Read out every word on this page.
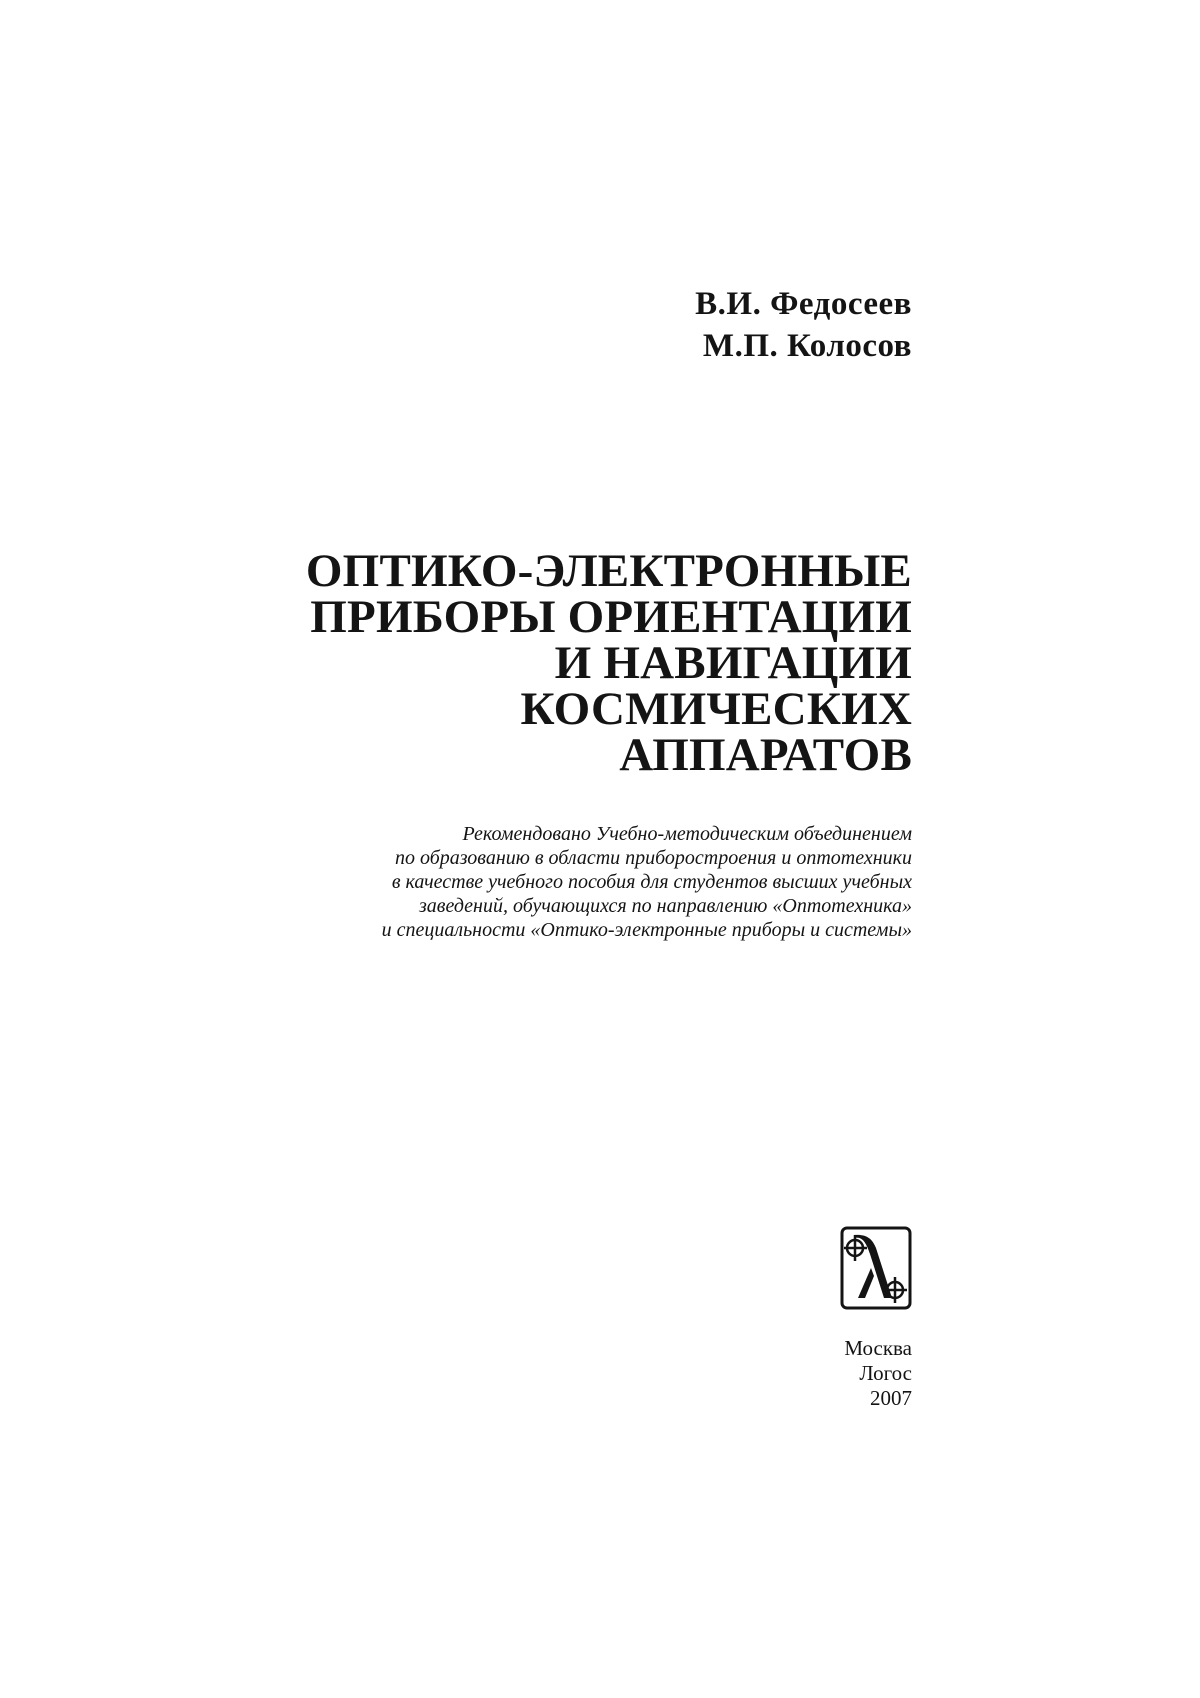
В.И. Федосеев
М.П. Колосов
ОПТИКО-ЭЛЕКТРОННЫЕ
ПРИБОРЫ ОРИЕНТАЦИИ
И НАВИГАЦИИ
КОСМИЧЕСКИХ
АППАРАТОВ
Рекомендовано Учебно-методическим объединением
по образованию в области приборостроения и оптотехники
в качестве учебного пособия для студентов высших учебных
заведений, обучающихся по направлению «Оптотехника»
и специальности «Оптико-электронные приборы и системы»
Москва
Логос
2007
